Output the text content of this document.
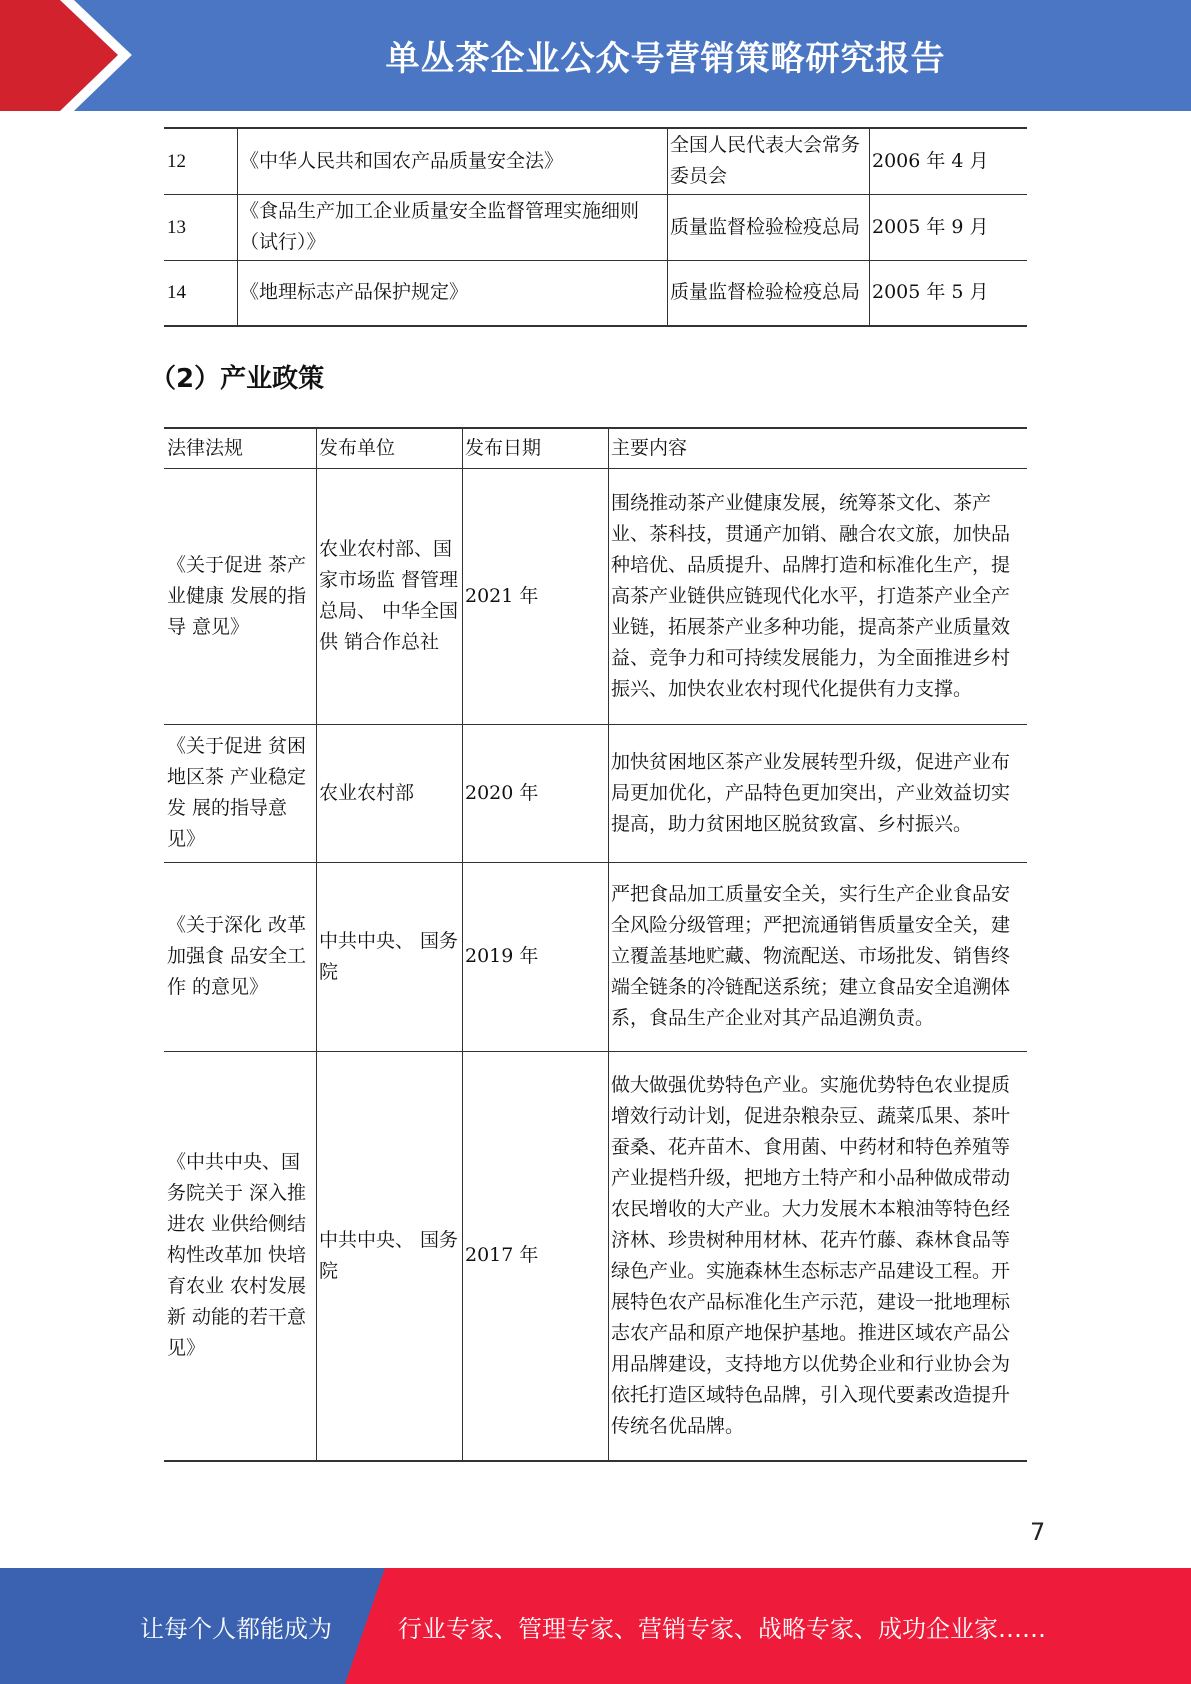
单丛茶企业公众号营销策略研究报告
12	《中华人民共和国农产品质量安全法》	全国人民代表大会常务委员会	2006 年 4 月
13	《食品生产加工企业质量安全监督管理实施细则（试行）》	质量监督检验检疫总局	2005 年 9 月
14	《地理标志产品保护规定》	质量监督检验检疫总局	2005 年 5 月
（2）产业政策
法律法规	发布单位	发布日期	主要内容
《关于促进 茶产业健康 发展的指导 意见》	农业农村部、国家市场监 督管理总局、 中华全国供 销合作总社	2021 年	围绕推动茶产业健康发展，统筹茶文化、茶产业、茶科技，贯通产加销、融合农文旅，加快品种培优、品质提升、品牌打造和标准化生产，提高茶产业链供应链现代化水平，打造茶产业全产业链，拓展茶产业多种功能，提高茶产业质量效益、竞争力和可持续发展能力，为全面推进乡村振兴、加快农业农村现代化提供有力支撑。
《关于促进 贫困地区茶 产业稳定发 展的指导意 见》	农业农村部	2020 年	加快贫困地区茶产业发展转型升级，促进产业布局更加优化，产品特色更加突出，产业效益切实提高，助力贫困地区脱贫致富、乡村振兴。
《关于深化 改革加强食 品安全工作 的意见》	中共中央、 国务院	2019 年	严把食品加工质量安全关，实行生产企业食品安全风险分级管理；严把流通销售质量安全关，建立覆盖基地贮藏、物流配送、市场批发、销售终端全链条的冷链配送系统；建立食品安全追溯体系，食品生产企业对其产品追溯负责。
《中共中央、国务院关于 深入推进农 业供给侧结 构性改革加 快培育农业 农村发展新 动能的若干意见》	中共中央、 国务院	2017 年	做大做强优势特色产业。实施优势特色农业提质增效行动计划，促进杂粮杂豆、蔬菜瓜果、茶叶蚕桑、花卉苗木、食用菌、中药材和特色养殖等产业提档升级，把地方土特产和小品种做成带动农民增收的大产业。大力发展木本粮油等特色经济林、珍贵树种用材林、花卉竹藤、森林食品等绿色产业。实施森林生态标志产品建设工程。开展特色农产品标准化生产示范，建设一批地理标志农产品和原产地保护基地。推进区域农产品公用品牌建设，支持地方以优势企业和行业协会为依托打造区域特色品牌，引入现代要素改造提升传统名优品牌。
7
让每个人都能成为	行业专家、管理专家、营销专家、战略专家、成功企业家……
